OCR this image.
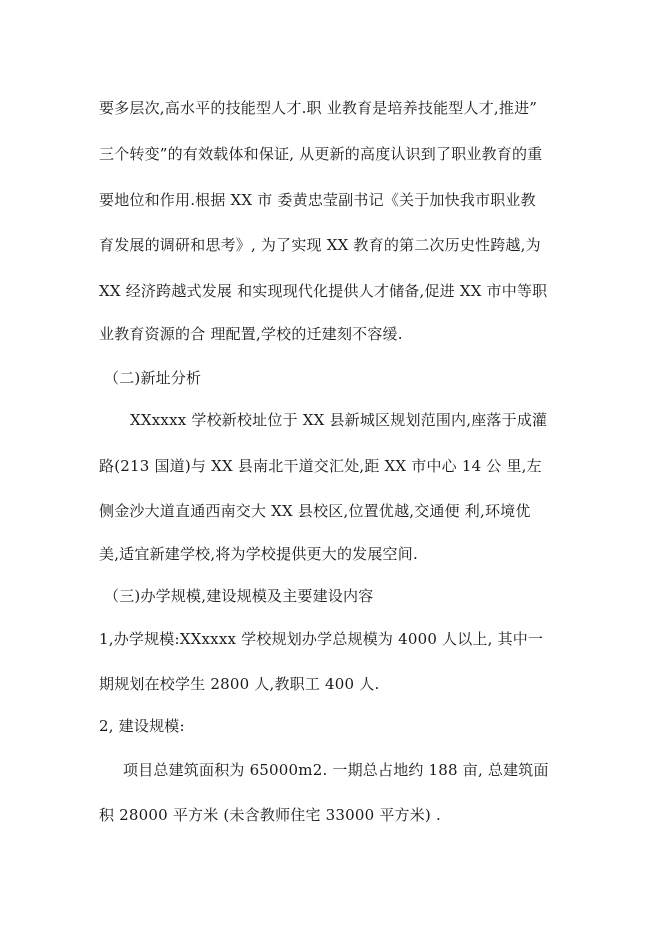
要多层次,高水平的技能型人才.职 业教育是培养技能型人才,推进”
三个转变”的有效载体和保证, 从更新的高度认识到了职业教育的重
要地位和作用.根据 XX 市 委黄忠莹副书记《关于加快我市职业教
育发展的调研和思考》, 为了实现 XX 教育的第二次历史性跨越,为
XX 经济跨越式发展 和实现现代化提供人才储备,促进 XX 市中等职
业教育资源的合 理配置,学校的迁建刻不容缓.
（二)新址分析
XXxxxx 学校新校址位于 XX 县新城区规划范围内,座落于成灌
路(213 国道)与 XX 县南北干道交汇处,距 XX 市中心 14 公 里,左
侧金沙大道直通西南交大 XX 县校区,位置优越,交通便 利,环境优
美,适宜新建学校,将为学校提供更大的发展空间.
（三)办学规模,建设规模及主要建设内容
1,办学规模:XXxxxx 学校规划办学总规模为 4000 人以上, 其中一
期规划在校学生 2800 人,教职工 400 人.
2, 建设规模:
项目总建筑面积为 65000m2. 一期总占地约 188 亩, 总建筑面
积 28000 平方米 (未含教师住宅 33000 平方米) .
